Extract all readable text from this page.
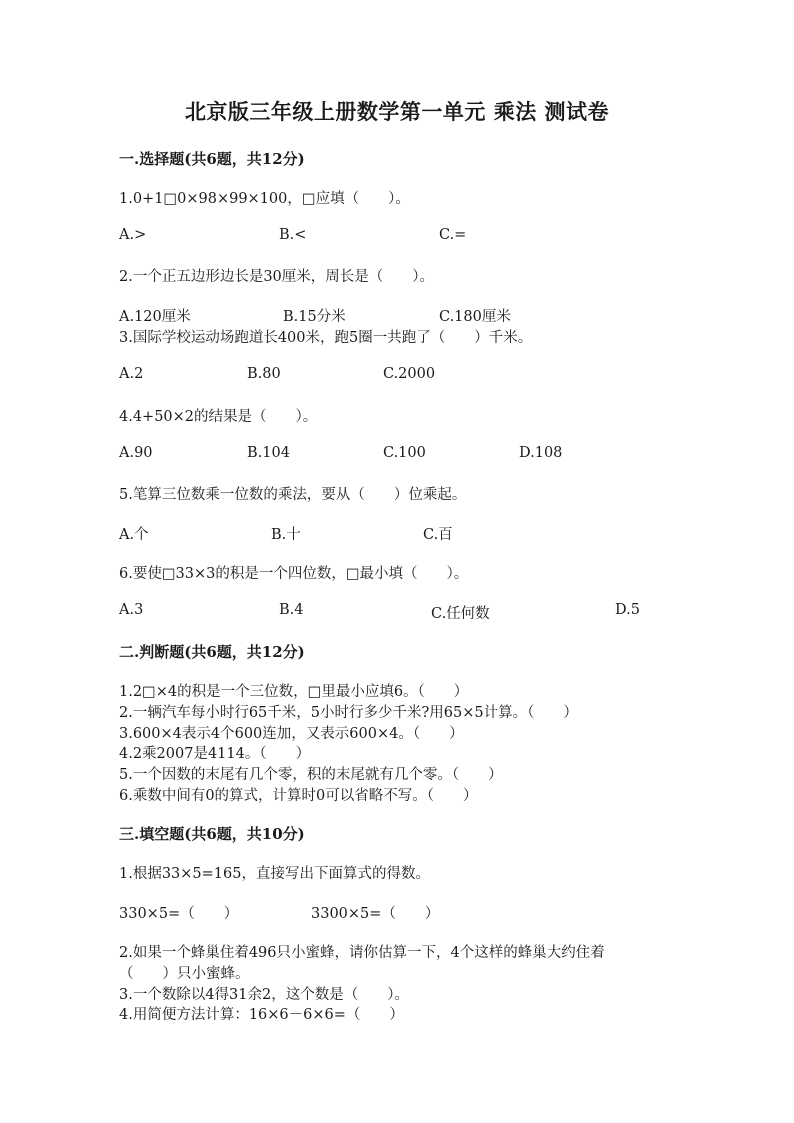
北京版三年级上册数学第一单元 乘法 测试卷
一.选择题(共6题，共12分)
1.0+1□0×98×99×100，□应填（　　）。
A.>	B.<	C.=
2.一个正五边形边长是30厘米，周长是（　　）。
A.120厘米	B.15分米	C.180厘米
3.国际学校运动场跑道长400米，跑5圈一共跑了（　　）千米。
A.2	B.80	C.2000
4.4+50×2的结果是（　　）。
A.90	B.104	C.100	D.108
5.笔算三位数乘一位数的乘法，要从（　　）位乘起。
A.个	B.十	C.百
6.要使□33×3的积是一个四位数，□最小填（　　）。
A.3	B.4	C.任何数	D.5
二.判断题(共6题，共12分)
1.2□×4的积是一个三位数，□里最小应填6。（　　）
2.一辆汽车每小时行65千米，5小时行多少千米?用65×5计算。（　　）
3.600×4表示4个600连加，又表示600×4。（　　）
4.2乘2007是4114。（　　）
5.一个因数的末尾有几个零，积的末尾就有几个零。（　　）
6.乘数中间有0的算式，计算时0可以省略不写。（　　）
三.填空题(共6题，共10分)
1.根据33×5=165，直接写出下面算式的得数。
330×5=（　　）	3300×5=（　　）
2.如果一个蜂巢住着496只小蜜蜂，请你估算一下，4个这样的蜂巢大约住着
（　　）只小蜜蜂。
3.一个数除以4得31余2，这个数是（　　）。
4.用简便方法计算：16×6－6×6=（　　）
